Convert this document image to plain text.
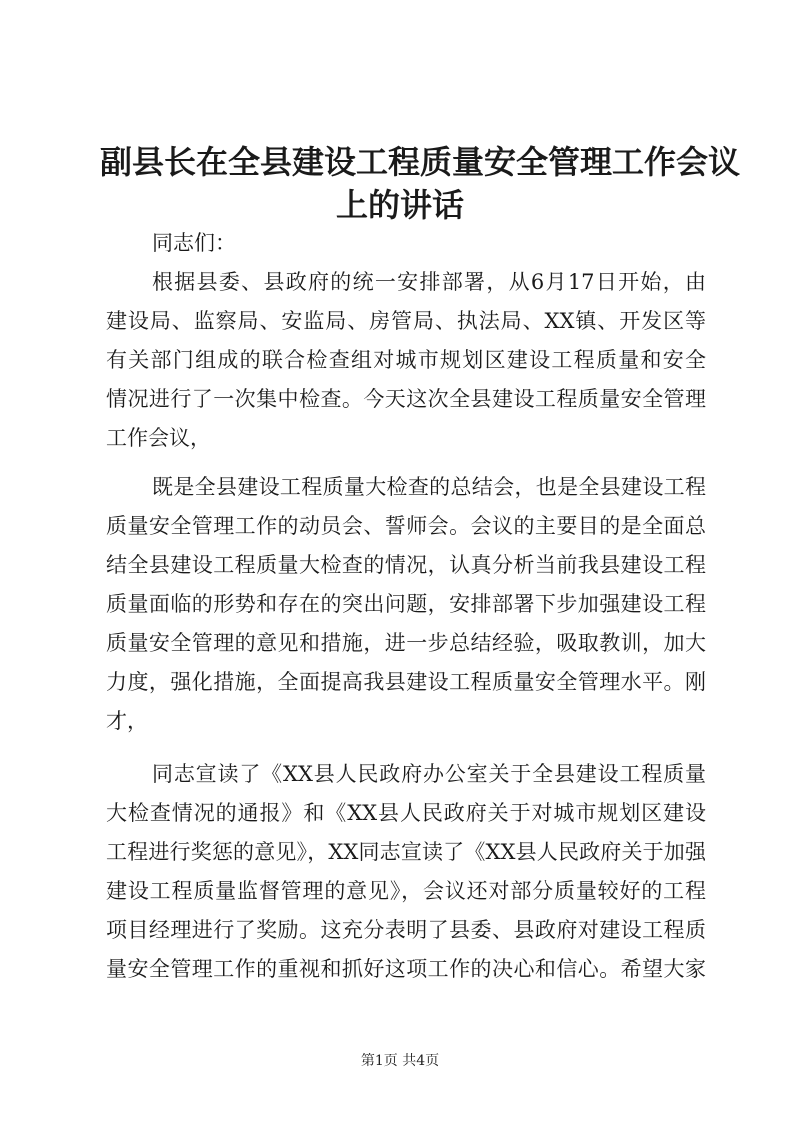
副县长在全县建设工程质量安全管理工作会议
上的讲话

同志们：

根据县委、县政府的统一安排部署，从6月17日开始，由
建设局、监察局、安监局、房管局、执法局、XX镇、开发区等
有关部门组成的联合检查组对城市规划区建设工程质量和安全
情况进行了一次集中检查。今天这次全县建设工程质量安全管理
工作会议，
既是全县建设工程质量大检查的总结会，也是全县建设工程
质量安全管理工作的动员会、誓师会。会议的主要目的是全面总
结全县建设工程质量大检查的情况，认真分析当前我县建设工程
质量面临的形势和存在的突出问题，安排部署下步加强建设工程
质量安全管理的意见和措施，进一步总结经验，吸取教训，加大
力度，强化措施，全面提高我县建设工程质量安全管理水平。刚
才，
同志宣读了《XX县人民政府办公室关于全县建设工程质量
大检查情况的通报》和《XX县人民政府关于对城市规划区建设
工程进行奖惩的意见》，XX同志宣读了《XX县人民政府关于加强
建设工程质量监督管理的意见》，会议还对部分质量较好的工程
项目经理进行了奖励。这充分表明了县委、县政府对建设工程质
量安全管理工作的重视和抓好这项工作的决心和信心。希望大家

第1页 共4页
